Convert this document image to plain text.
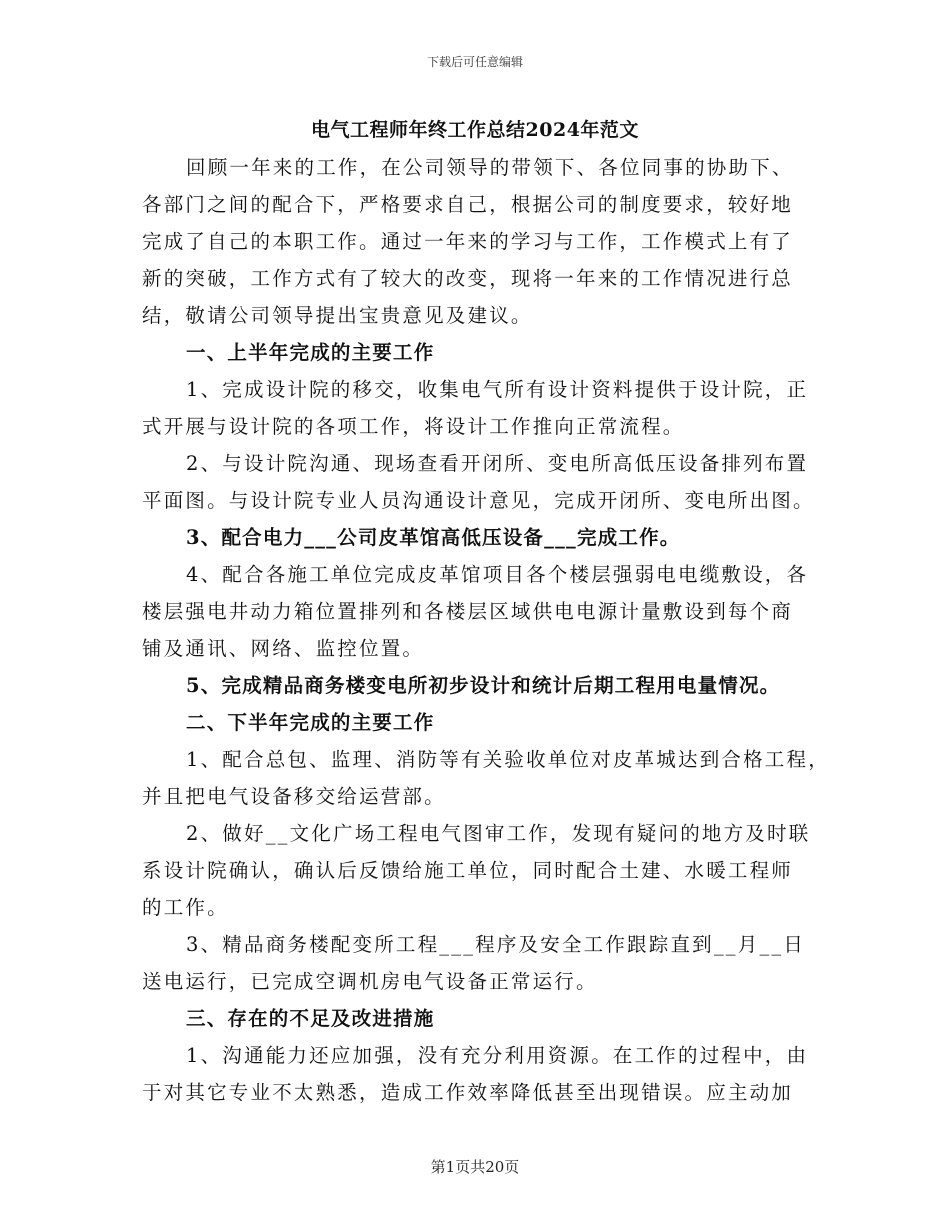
下载后可任意编辑
电气工程师年终工作总结2024年范文
回顾一年来的工作，在公司领导的带领下、各位同事的协助下、
各部门之间的配合下，严格要求自己，根据公司的制度要求，较好地
完成了自己的本职工作。通过一年来的学习与工作，工作模式上有了
新的突破，工作方式有了较大的改变，现将一年来的工作情况进行总
结，敬请公司领导提出宝贵意见及建议。
一、上半年完成的主要工作
1、完成设计院的移交，收集电气所有设计资料提供于设计院，正
式开展与设计院的各项工作，将设计工作推向正常流程。
2、与设计院沟通、现场查看开闭所、变电所高低压设备排列布置
平面图。与设计院专业人员沟通设计意见，完成开闭所、变电所出图。
3、配合电力___公司皮革馆高低压设备___完成工作。
4、配合各施工单位完成皮革馆项目各个楼层强弱电电缆敷设，各
楼层强电井动力箱位置排列和各楼层区域供电电源计量敷设到每个商
铺及通讯、网络、监控位置。
5、完成精品商务楼变电所初步设计和统计后期工程用电量情况。
二、下半年完成的主要工作
1、配合总包、监理、消防等有关验收单位对皮革城达到合格工程，
并且把电气设备移交给运营部。
2、做好__文化广场工程电气图审工作，发现有疑问的地方及时联
系设计院确认，确认后反馈给施工单位，同时配合土建、水暖工程师
的工作。
3、精品商务楼配变所工程___程序及安全工作跟踪直到__月__日
送电运行，已完成空调机房电气设备正常运行。
三、存在的不足及改进措施
1、沟通能力还应加强，没有充分利用资源。在工作的过程中，由
于对其它专业不太熟悉，造成工作效率降低甚至出现错误。应主动加
第1页共20页
